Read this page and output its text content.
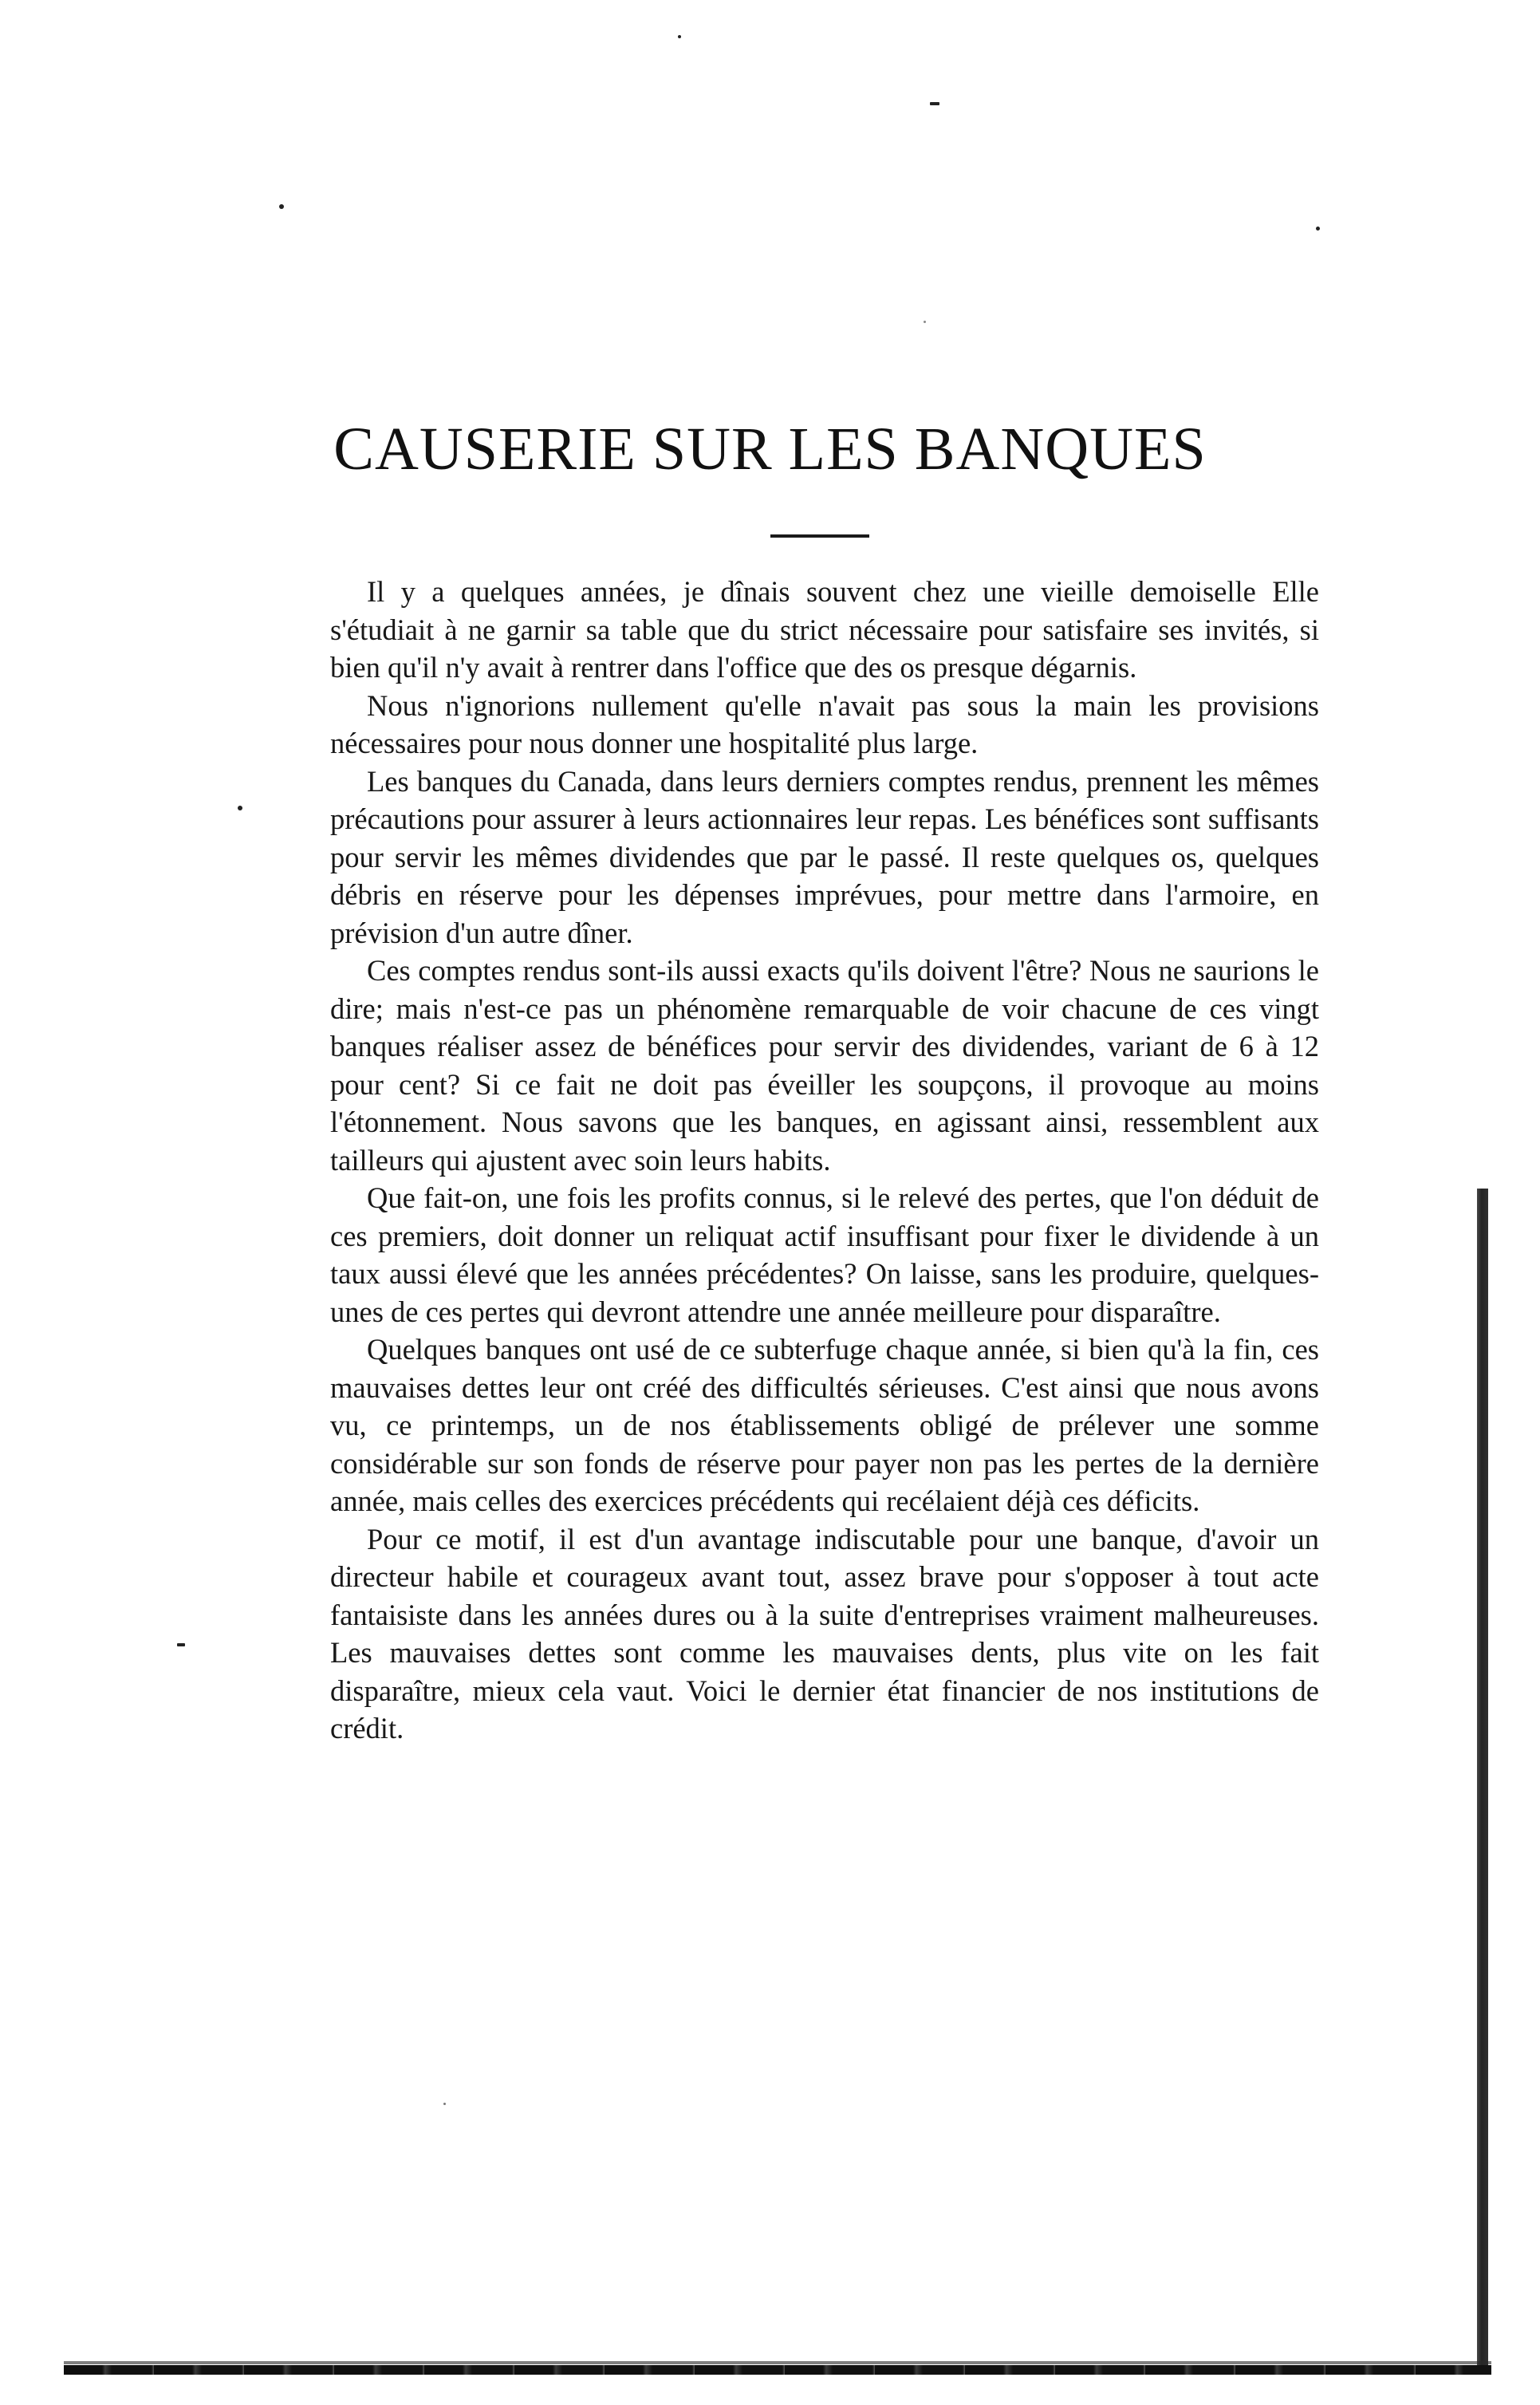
CAUSERIE SUR LES BANQUES

Il y a quelques années, je dînais souvent chez une vieille demoiselle Elle s'étudiait à ne garnir sa table que du strict nécessaire pour satisfaire ses invités, si bien qu'il n'y avait à rentrer dans l'office que des os presque dégarnis.

Nous n'ignorions nullement qu'elle n'avait pas sous la main les provisions nécessaires pour nous donner une hospitalité plus large.

Les banques du Canada, dans leurs derniers comptes rendus, prennent les mêmes précautions pour assurer à leurs actionnaires leur repas. Les bénéfices sont suffisants pour servir les mêmes dividendes que par le passé. Il reste quelques os, quelques débris en réserve pour les dépenses imprévues, pour mettre dans l'armoire, en prévision d'un autre dîner.

Ces comptes rendus sont-ils aussi exacts qu'ils doivent l'être? Nous ne saurions le dire; mais n'est-ce pas un phénomène remarquable de voir chacune de ces vingt banques réaliser assez de bénéfices pour servir des dividendes, variant de 6 à 12 pour cent? Si ce fait ne doit pas éveiller les soupçons, il provoque au moins l'étonnement. Nous savons que les banques, en agissant ainsi, ressemblent aux tailleurs qui ajustent avec soin leurs habits.

Que fait-on, une fois les profits connus, si le relevé des pertes, que l'on déduit de ces premiers, doit donner un reliquat actif insuffisant pour fixer le dividende à un taux aussi élevé que les années précédentes? On laisse, sans les produire, quelques-unes de ces pertes qui devront attendre une année meilleure pour disparaître.

Quelques banques ont usé de ce subterfuge chaque année, si bien qu'à la fin, ces mauvaises dettes leur ont créé des difficultés sérieuses. C'est ainsi que nous avons vu, ce printemps, un de nos établissements obligé de prélever une somme considérable sur son fonds de réserve pour payer non pas les pertes de la dernière année, mais celles des exercices précédents qui recélaient déjà ces déficits.

Pour ce motif, il est d'un avantage indiscutable pour une banque, d'avoir un directeur habile et courageux avant tout, assez brave pour s'opposer à tout acte fantaisiste dans les années dures ou à la suite d'entreprises vraiment malheureuses. Les mauvaises dettes sont comme les mauvaises dents, plus vite on les fait disparaître, mieux cela vaut. Voici le dernier état financier de nos institutions de crédit.
